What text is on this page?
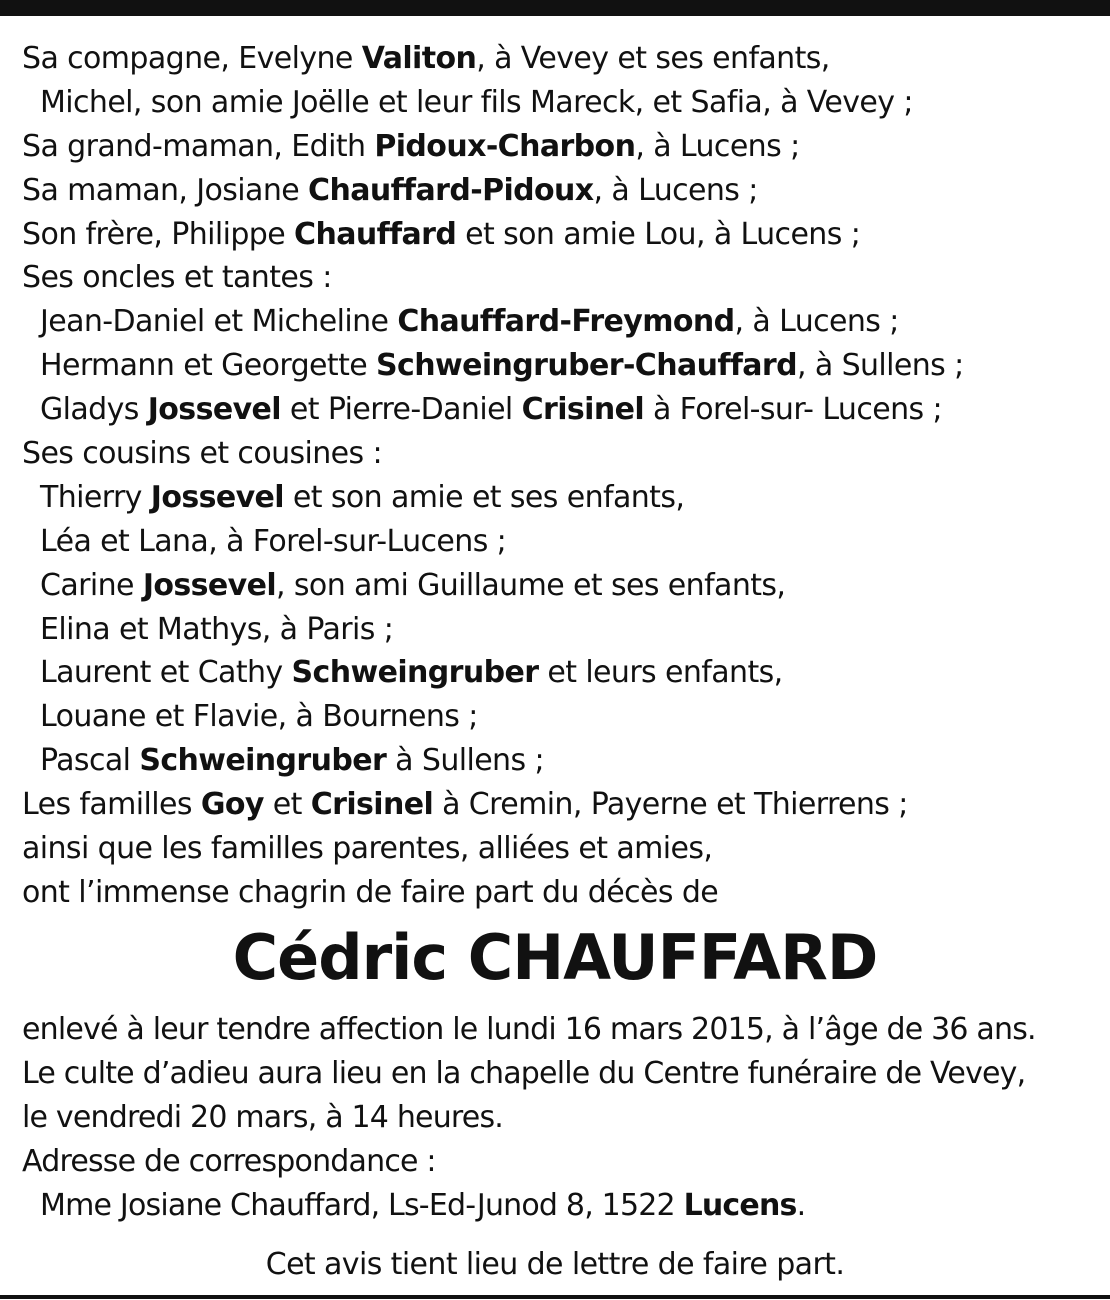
Sa compagne, Evelyne Valiton, à Vevey et ses enfants,
Michel, son amie Joëlle et leur fils Mareck, et Safia, à Vevey ;
Sa grand-maman, Edith Pidoux-Charbon, à Lucens ;
Sa maman, Josiane Chauffard-Pidoux, à Lucens ;
Son frère, Philippe Chauffard et son amie Lou, à Lucens ;
Ses oncles et tantes :
Jean-Daniel et Micheline Chauffard-Freymond, à Lucens ;
Hermann et Georgette Schweingruber-Chauffard, à Sullens ;
Gladys Jossevel et Pierre-Daniel Crisinel à Forel-sur- Lucens ;
Ses cousins et cousines :
Thierry Jossevel et son amie et ses enfants,
Léa et Lana, à Forel-sur-Lucens ;
Carine Jossevel, son ami Guillaume et ses enfants,
Elina et Mathys, à Paris ;
Laurent et Cathy Schweingruber et leurs enfants,
Louane et Flavie, à Bournens ;
Pascal Schweingruber à Sullens ;
Les familles Goy et Crisinel à Cremin, Payerne et Thierrens ;
ainsi que les familles parentes, alliées et amies,
ont l’immense chagrin de faire part du décès de
Cédric CHAUFFARD
enlevé à leur tendre affection le lundi 16 mars 2015, à l’âge de 36 ans.
Le culte d’adieu aura lieu en la chapelle du Centre funéraire de Vevey,
le vendredi 20 mars, à 14 heures.
Adresse de correspondance :
Mme Josiane Chauffard, Ls-Ed-Junod 8, 1522 Lucens.
Cet avis tient lieu de lettre de faire part.
